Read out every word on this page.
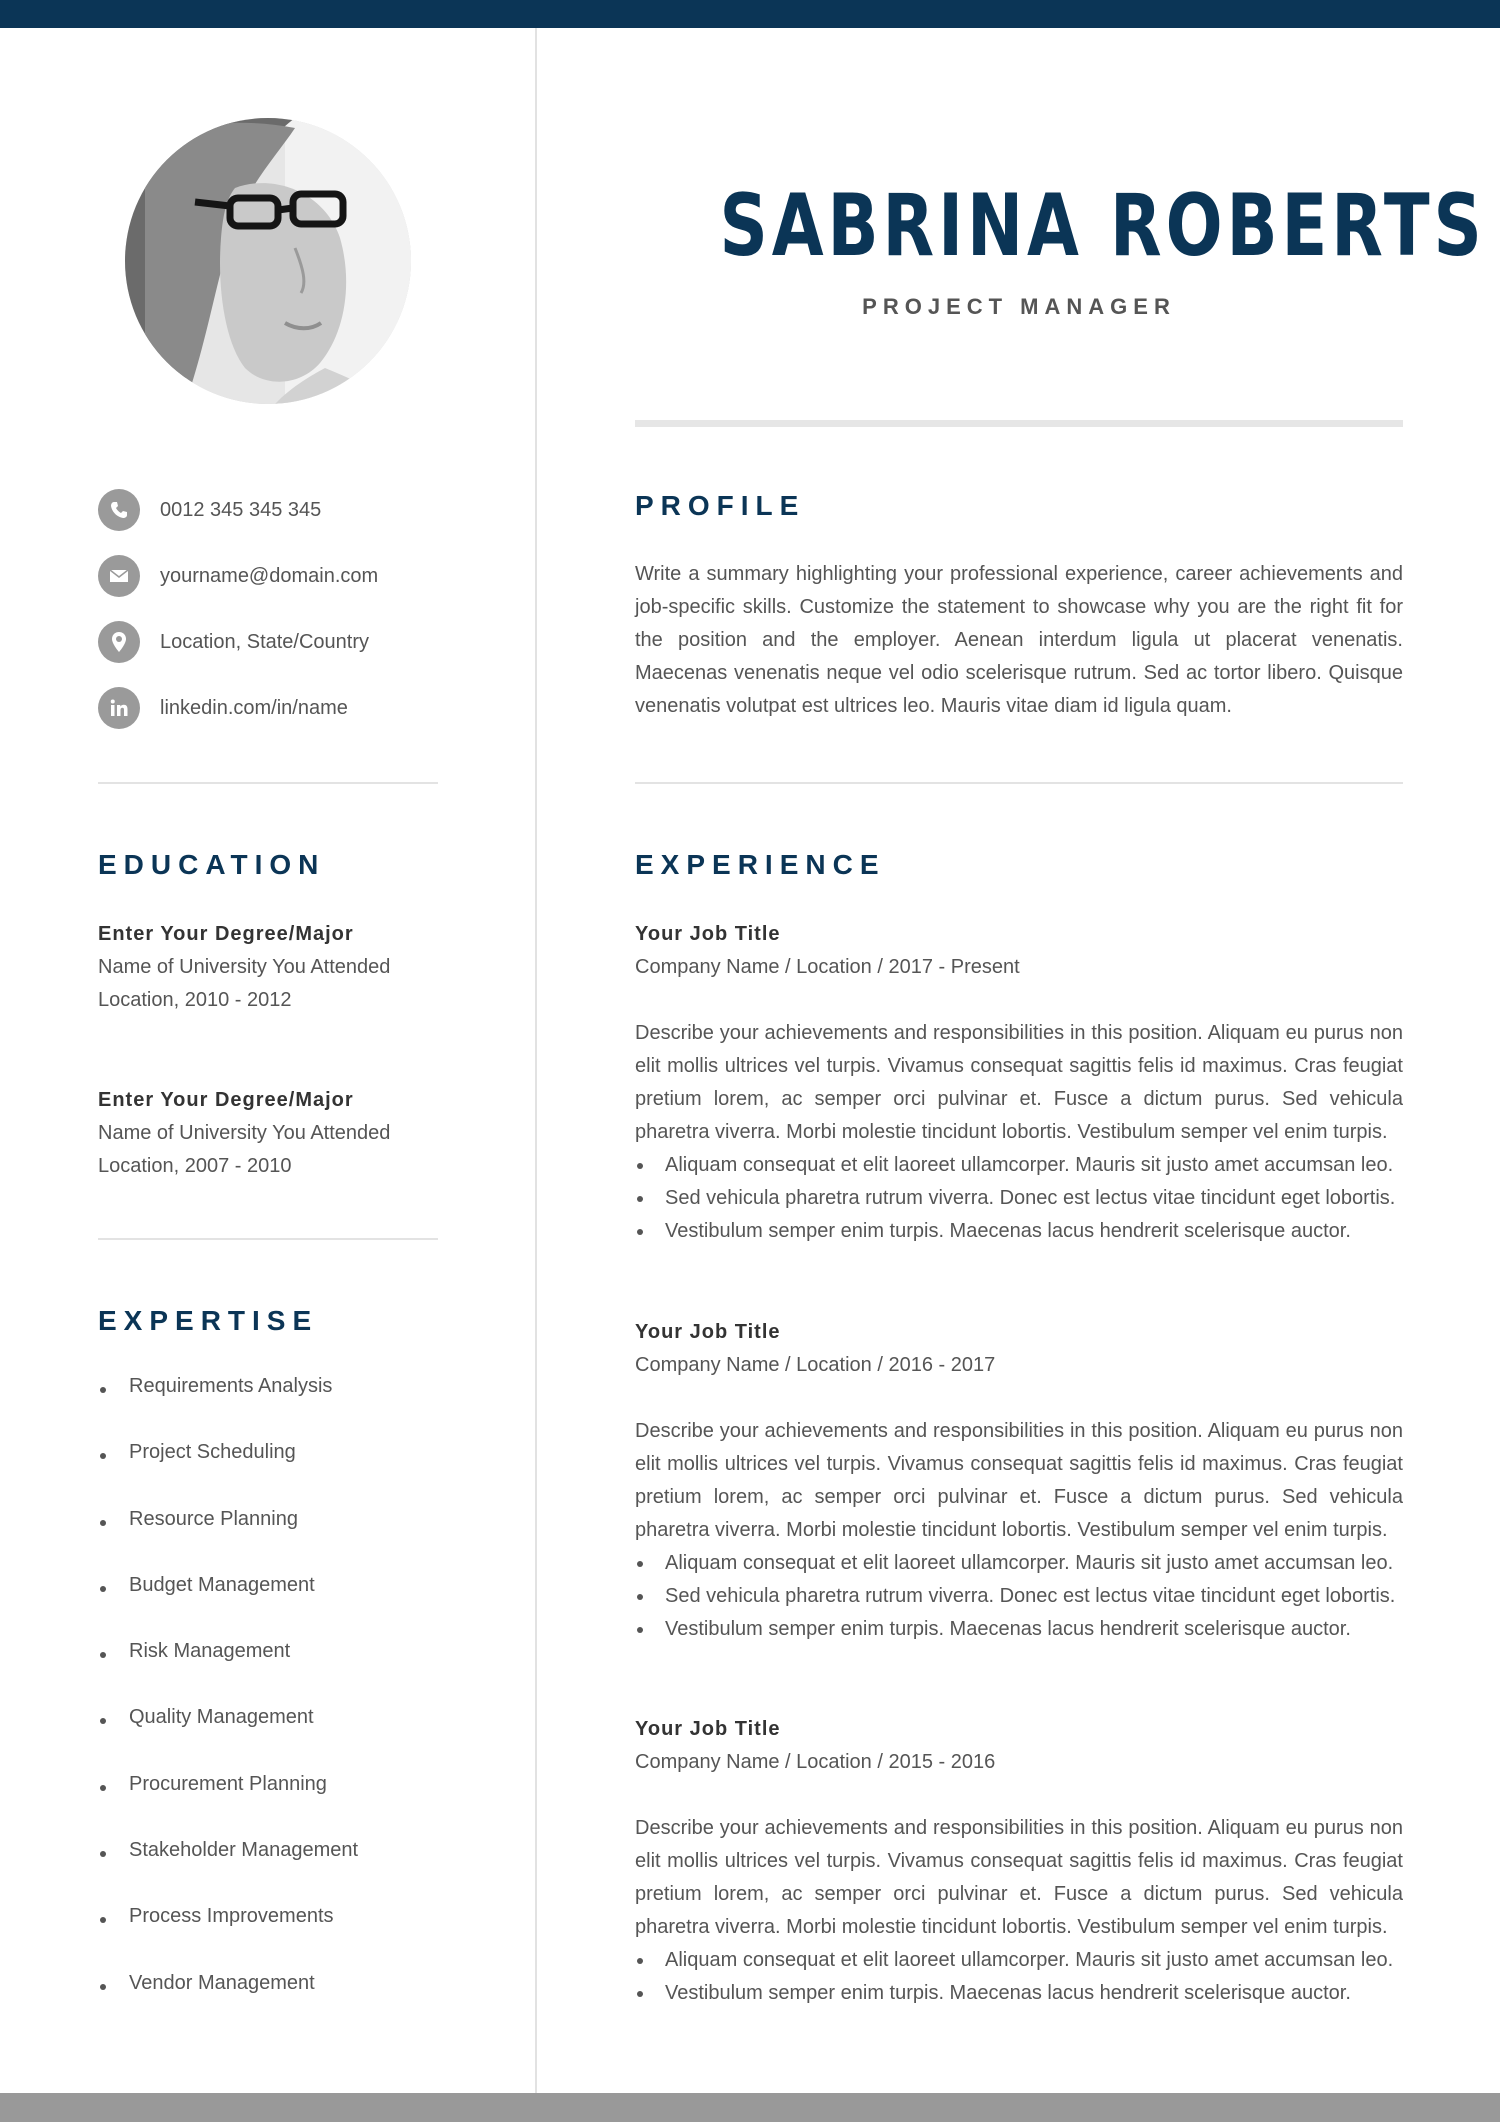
0012 345 345 345
yourname@domain.com
Location, State/Country
linkedin.com/in/name
EDUCATION
Enter Your Degree/Major
Name of University You Attended
Location, 2010 - 2012
Enter Your Degree/Major
Name of University You Attended
Location, 2007 - 2010
EXPERTISE
Requirements Analysis
Project Scheduling
Resource Planning
Budget Management
Risk Management
Quality Management
Procurement Planning
Stakeholder Management
Process Improvements
Vendor Management
SABRINA ROBERTS
PROJECT MANAGER
PROFILE

Write a summary highlighting your professional experience, career achievements and job-specific skills. Customize the statement to showcase why you are the right fit for the position and the employer. Aenean interdum ligula ut placerat venenatis. Maecenas venenatis neque vel odio scelerisque rutrum. Sed ac tortor libero. Quisque venenatis volutpat est ultrices leo. Mauris vitae diam id ligula quam.

EXPERIENCE
Your Job Title
Company Name / Location / 2017 - Present

Describe your achievements and responsibilities in this position. Aliquam eu purus non elit mollis ultrices vel turpis. Vivamus consequat sagittis felis id maximus. Cras feugiat pretium lorem, ac semper orci pulvinar et. Fusce a dictum purus. Sed vehicula pharetra viverra. Morbi molestie tincidunt lobortis. Vestibulum semper vel enim turpis.

Aliquam consequat et elit laoreet ullamcorper. Mauris sit justo amet accumsan leo.
Sed vehicula pharetra rutrum viverra. Donec est lectus vitae tincidunt eget lobortis.
Vestibulum semper enim turpis. Maecenas lacus hendrerit scelerisque auctor.
Your Job Title
Company Name / Location / 2016 - 2017

Describe your achievements and responsibilities in this position. Aliquam eu purus non elit mollis ultrices vel turpis. Vivamus consequat sagittis felis id maximus. Cras feugiat pretium lorem, ac semper orci pulvinar et. Fusce a dictum purus. Sed vehicula pharetra viverra. Morbi molestie tincidunt lobortis. Vestibulum semper vel enim turpis.

Aliquam consequat et elit laoreet ullamcorper. Mauris sit justo amet accumsan leo.
Sed vehicula pharetra rutrum viverra. Donec est lectus vitae tincidunt eget lobortis.
Vestibulum semper enim turpis. Maecenas lacus hendrerit scelerisque auctor.
Your Job Title
Company Name / Location / 2015 - 2016

Describe your achievements and responsibilities in this position. Aliquam eu purus non elit mollis ultrices vel turpis. Vivamus consequat sagittis felis id maximus. Cras feugiat pretium lorem, ac semper orci pulvinar et. Fusce a dictum purus. Sed vehicula pharetra viverra. Morbi molestie tincidunt lobortis. Vestibulum semper vel enim turpis.

Aliquam consequat et elit laoreet ullamcorper. Mauris sit justo amet accumsan leo.
Vestibulum semper enim turpis. Maecenas lacus hendrerit scelerisque auctor.
